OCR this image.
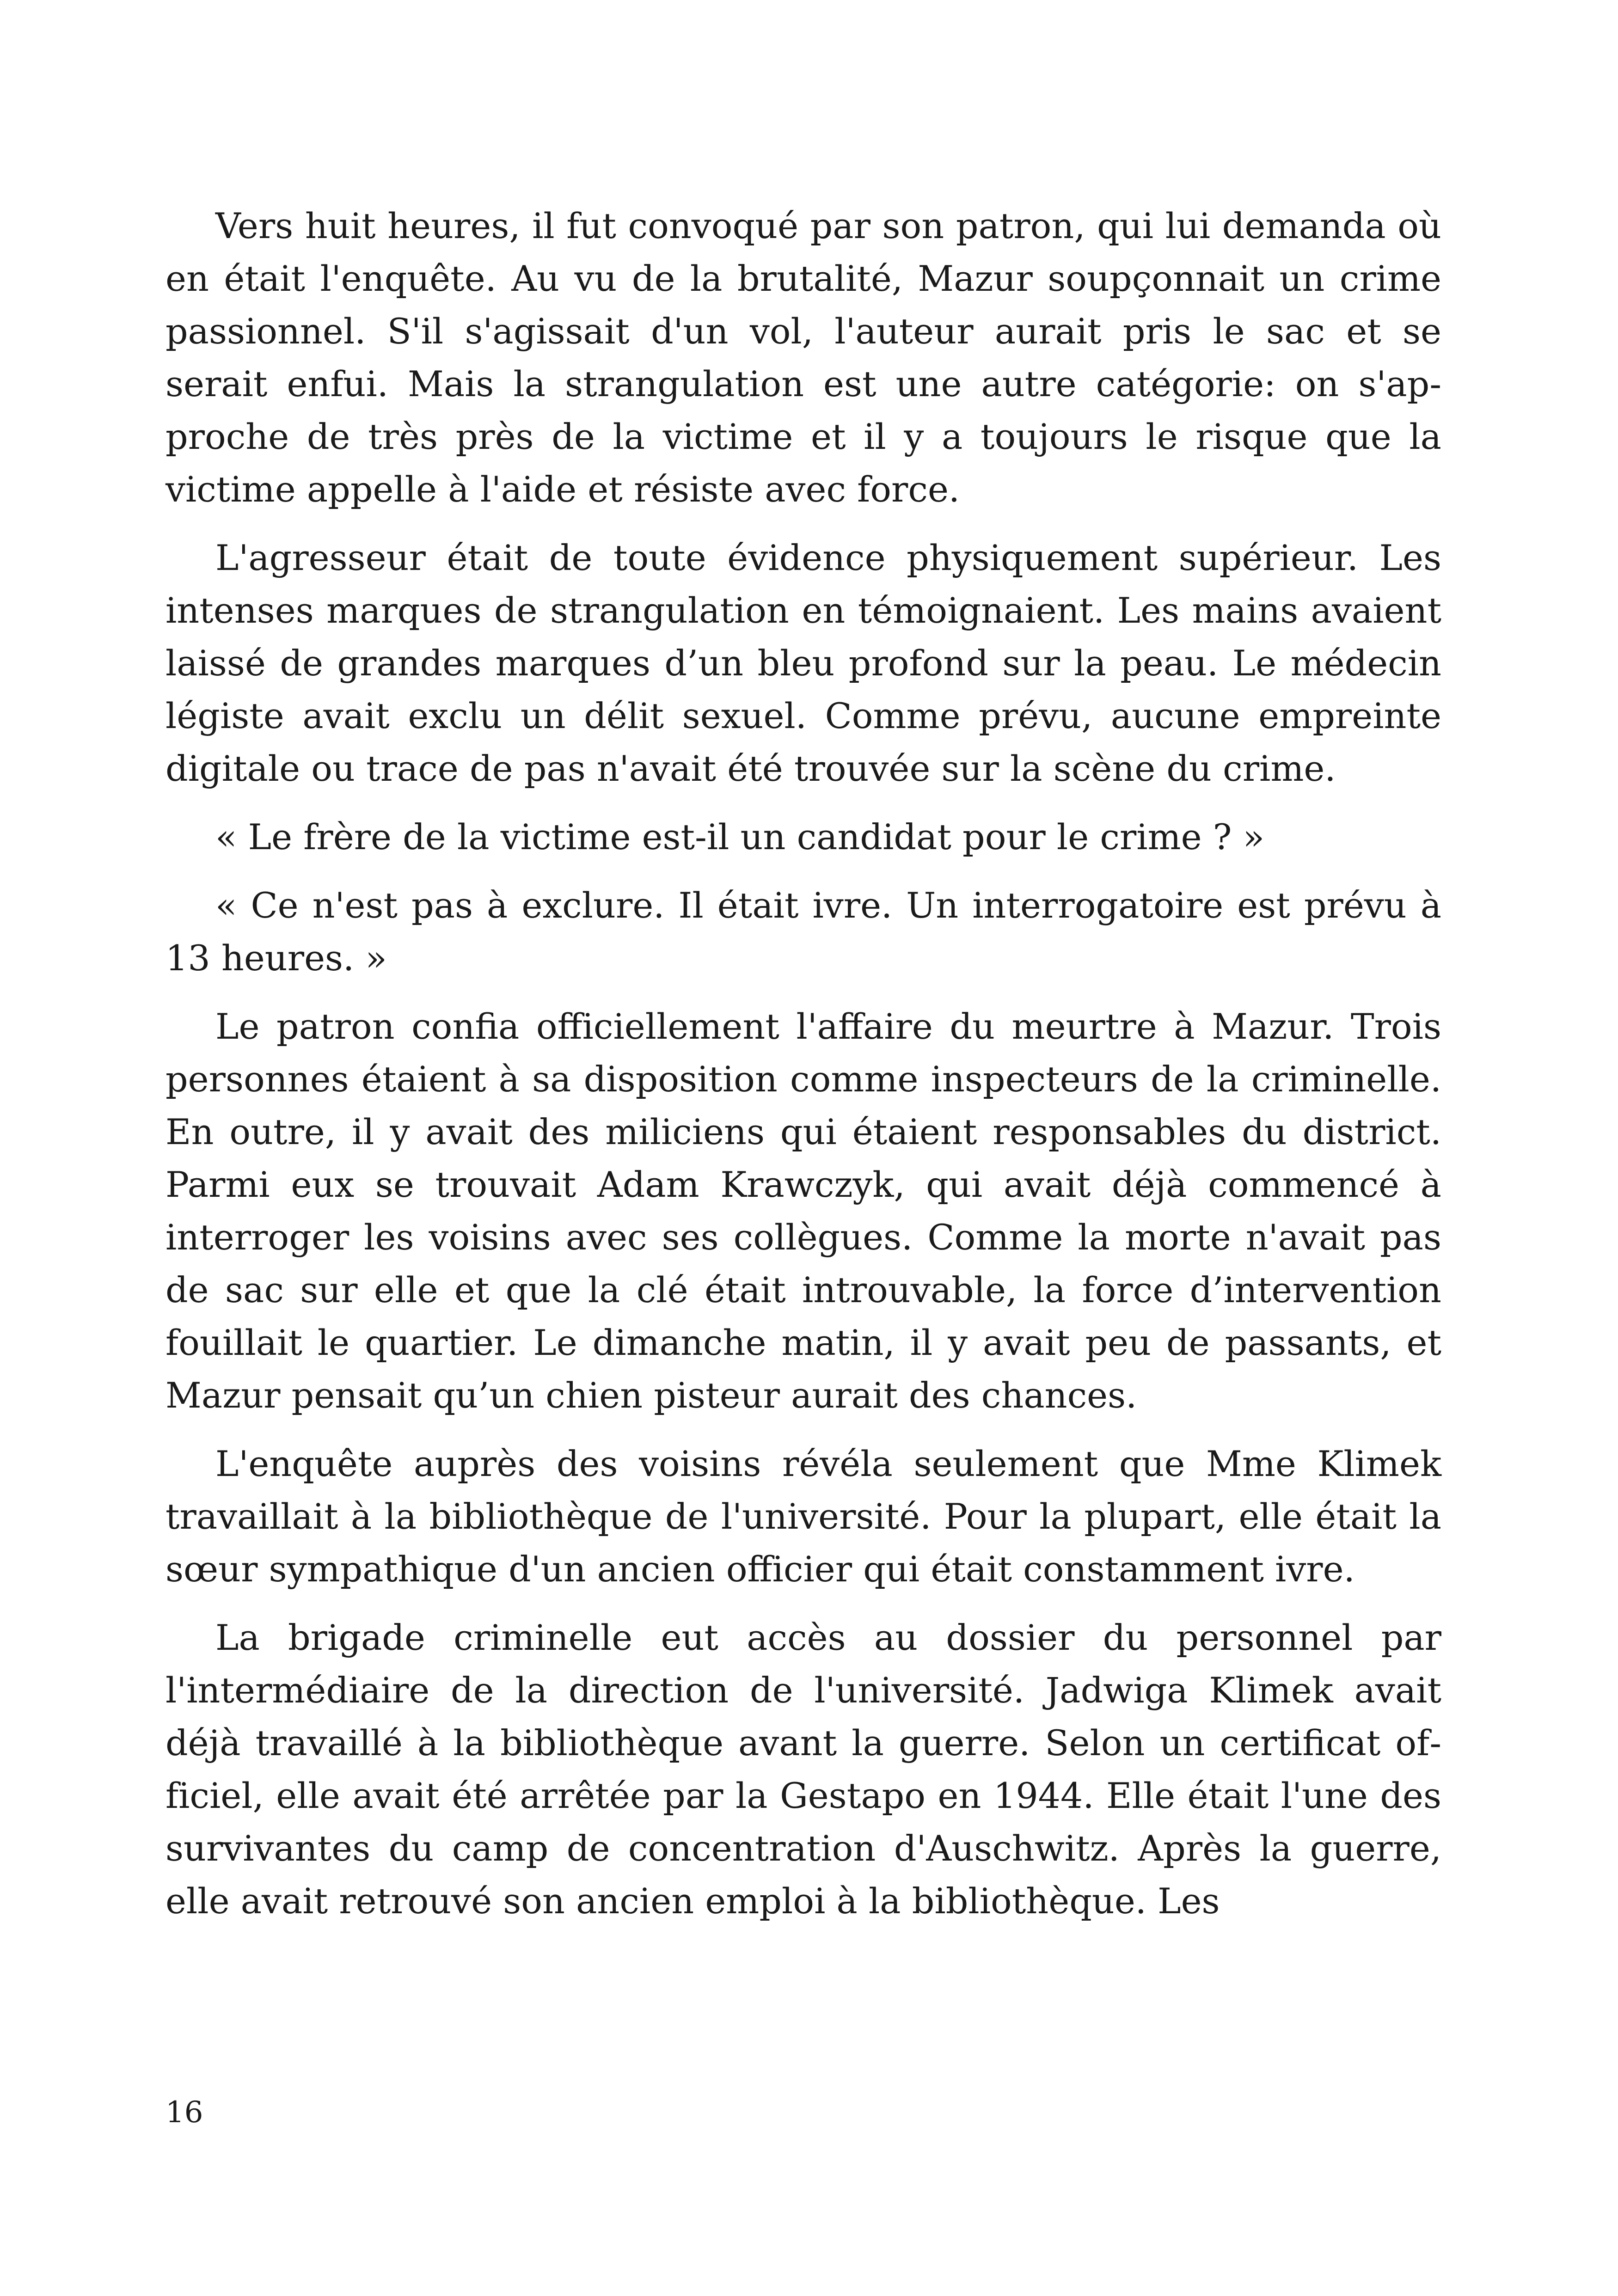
Vers huit heures, il fut convoqué par son patron, qui lui demanda où en était l'enquête. Au vu de la brutalité, Mazur soupçonnait un crime passionnel. S'il s'agissait d'un vol, l'auteur aurait pris le sac et se serait enfui. Mais la strangulation est une autre catégorie: on s'approche de très près de la victime et il y a toujours le risque que la victime appelle à l'aide et résiste avec force.

L'agresseur était de toute évidence physiquement supérieur. Les intenses marques de strangulation en témoignaient. Les mains avaient laissé de grandes marques d’un bleu profond sur la peau. Le médecin légiste avait exclu un délit sexuel. Comme prévu, aucune empreinte digitale ou trace de pas n'avait été trouvée sur la scène du crime.

« Le frère de la victime est-il un candidat pour le crime ? »

« Ce n'est pas à exclure. Il était ivre. Un interrogatoire est prévu à 13 heures. »

Le patron confia officiellement l'affaire du meurtre à Mazur. Trois personnes étaient à sa disposition comme inspecteurs de la criminelle. En outre, il y avait des miliciens qui étaient responsables du district. Parmi eux se trouvait Adam Krawczyk, qui avait déjà commencé à interroger les voisins avec ses collègues. Comme la morte n'avait pas de sac sur elle et que la clé était introuvable, la force d’intervention fouillait le quartier. Le dimanche matin, il y avait peu de passants, et Mazur pensait qu’un chien pisteur aurait des chances.

L'enquête auprès des voisins révéla seulement que Mme Klimek travaillait à la bibliothèque de l'université. Pour la plupart, elle était la sœur sympathique d'un ancien officier qui était constamment ivre.

La brigade criminelle eut accès au dossier du personnel par l'intermédiaire de la direction de l'université. Jadwiga Klimek avait déjà travaillé à la bibliothèque avant la guerre. Selon un certificat officiel, elle avait été arrêtée par la Gestapo en 1944. Elle était l'une des survivantes du camp de concentration d'Auschwitz. Après la guerre, elle avait retrouvé son ancien emploi à la bibliothèque. Les

16
